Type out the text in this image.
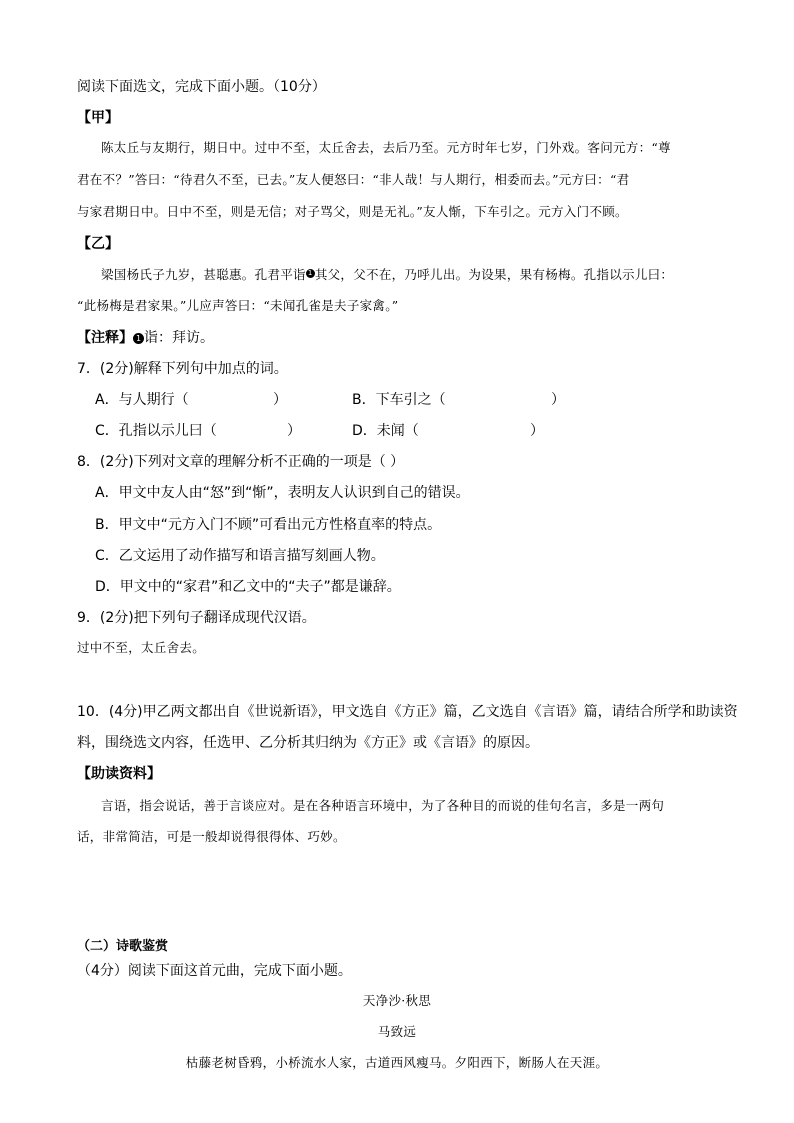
阅读下面选文，完成下面小题。（10分）
【甲】
陈太丘与友期行，期日中。过中不至，太丘舍去，去后乃至。元方时年七岁，门外戏。客问元方：“尊
君在不？”答曰：“待君久不至，已去。”友人便怒曰：“非人哉！与人期行，相委而去。”元方曰：“君
与家君期日中。日中不至，则是无信；对子骂父，则是无礼。”友人惭，下车引之。元方入门不顾。
【乙】
梁国杨氏子九岁，甚聪惠。孔君平诣 $^1$ 其父，父不在，乃呼儿出。为设果，果有杨梅。孔指以示儿曰：
“此杨梅是君家果。”儿应声答曰：“未闻孔雀是夫子家禽。”
【注释】 1 诣：拜访。
7．(2分)解释下列句中加点的词。
A．与人期行（	）	B．下车引之（	）
C．孔指以示儿曰（	）	D．未闻（	）
8．(2分)下列对文章的理解分析不正确的一项是（ ）
A．甲文中友人由“怒”到“惭”，表明友人认识到自己的错误。
B．甲文中“元方入门不顾”可看出元方性格直率的特点。
C．乙文运用了动作描写和语言描写刻画人物。
D．甲文中的“家君”和乙文中的“夫子”都是谦辞。
9．(2分)把下列句子翻译成现代汉语。
过中不至，太丘舍去。
10．(4分)甲乙两文都出自《世说新语》，甲文选自《方正》篇，乙文选自《言语》篇，请结合所学和助读资
料，围绕选文内容，任选甲、乙分析其归纳为《方正》或《言语》的原因。
【助读资料】
言语，指会说话，善于言谈应对。是在各种语言环境中，为了各种目的而说的佳句名言，多是一两句
话，非常简洁，可是一般却说得很得体、巧妙。
（二）诗歌鉴赏
（4分）阅读下面这首元曲，完成下面小题。
天净沙·秋思
马致远
枯藤老树昏鸦，小桥流水人家，古道西风瘦马。夕阳西下，断肠人在天涯。
